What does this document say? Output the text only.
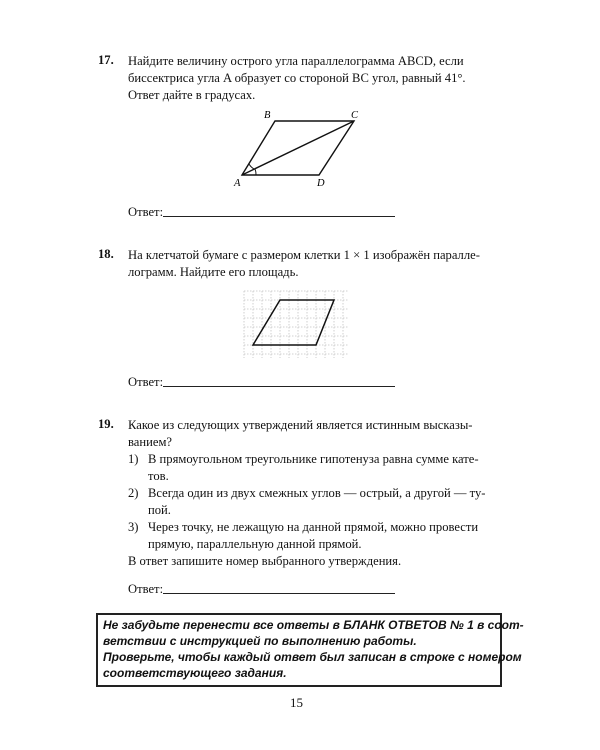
17. Найдите величину острого угла параллелограмма ABCD, если
биссектриса угла A образует со стороной BC угол, равный 41°.
Ответ дайте в градусах.
A
B	C
D
Ответ:
18. На клетчатой бумаге с размером клетки 1 × 1 изображён паралле-
лограмм. Найдите его площадь.
Ответ:
19. Какое из следующих утверждений является истинным высказы-
ванием?
1) В прямоугольном треугольнике гипотенуза равна сумме кате-
тов.
2) Всегда один из двух смежных углов — острый, а другой — ту-
пой.
3) Через точку, не лежащую на данной прямой, можно провести
прямую, параллельную данной прямой.
В ответ запишите номер выбранного утверждения.
Ответ:
Не забудьте перенести все ответы в БЛАНК ОТВЕТОВ № 1 в соот-
ветствии с инструкцией по выполнению работы.
Проверьте, чтобы каждый ответ был записан в строке с номером
соответствующего задания.
15
